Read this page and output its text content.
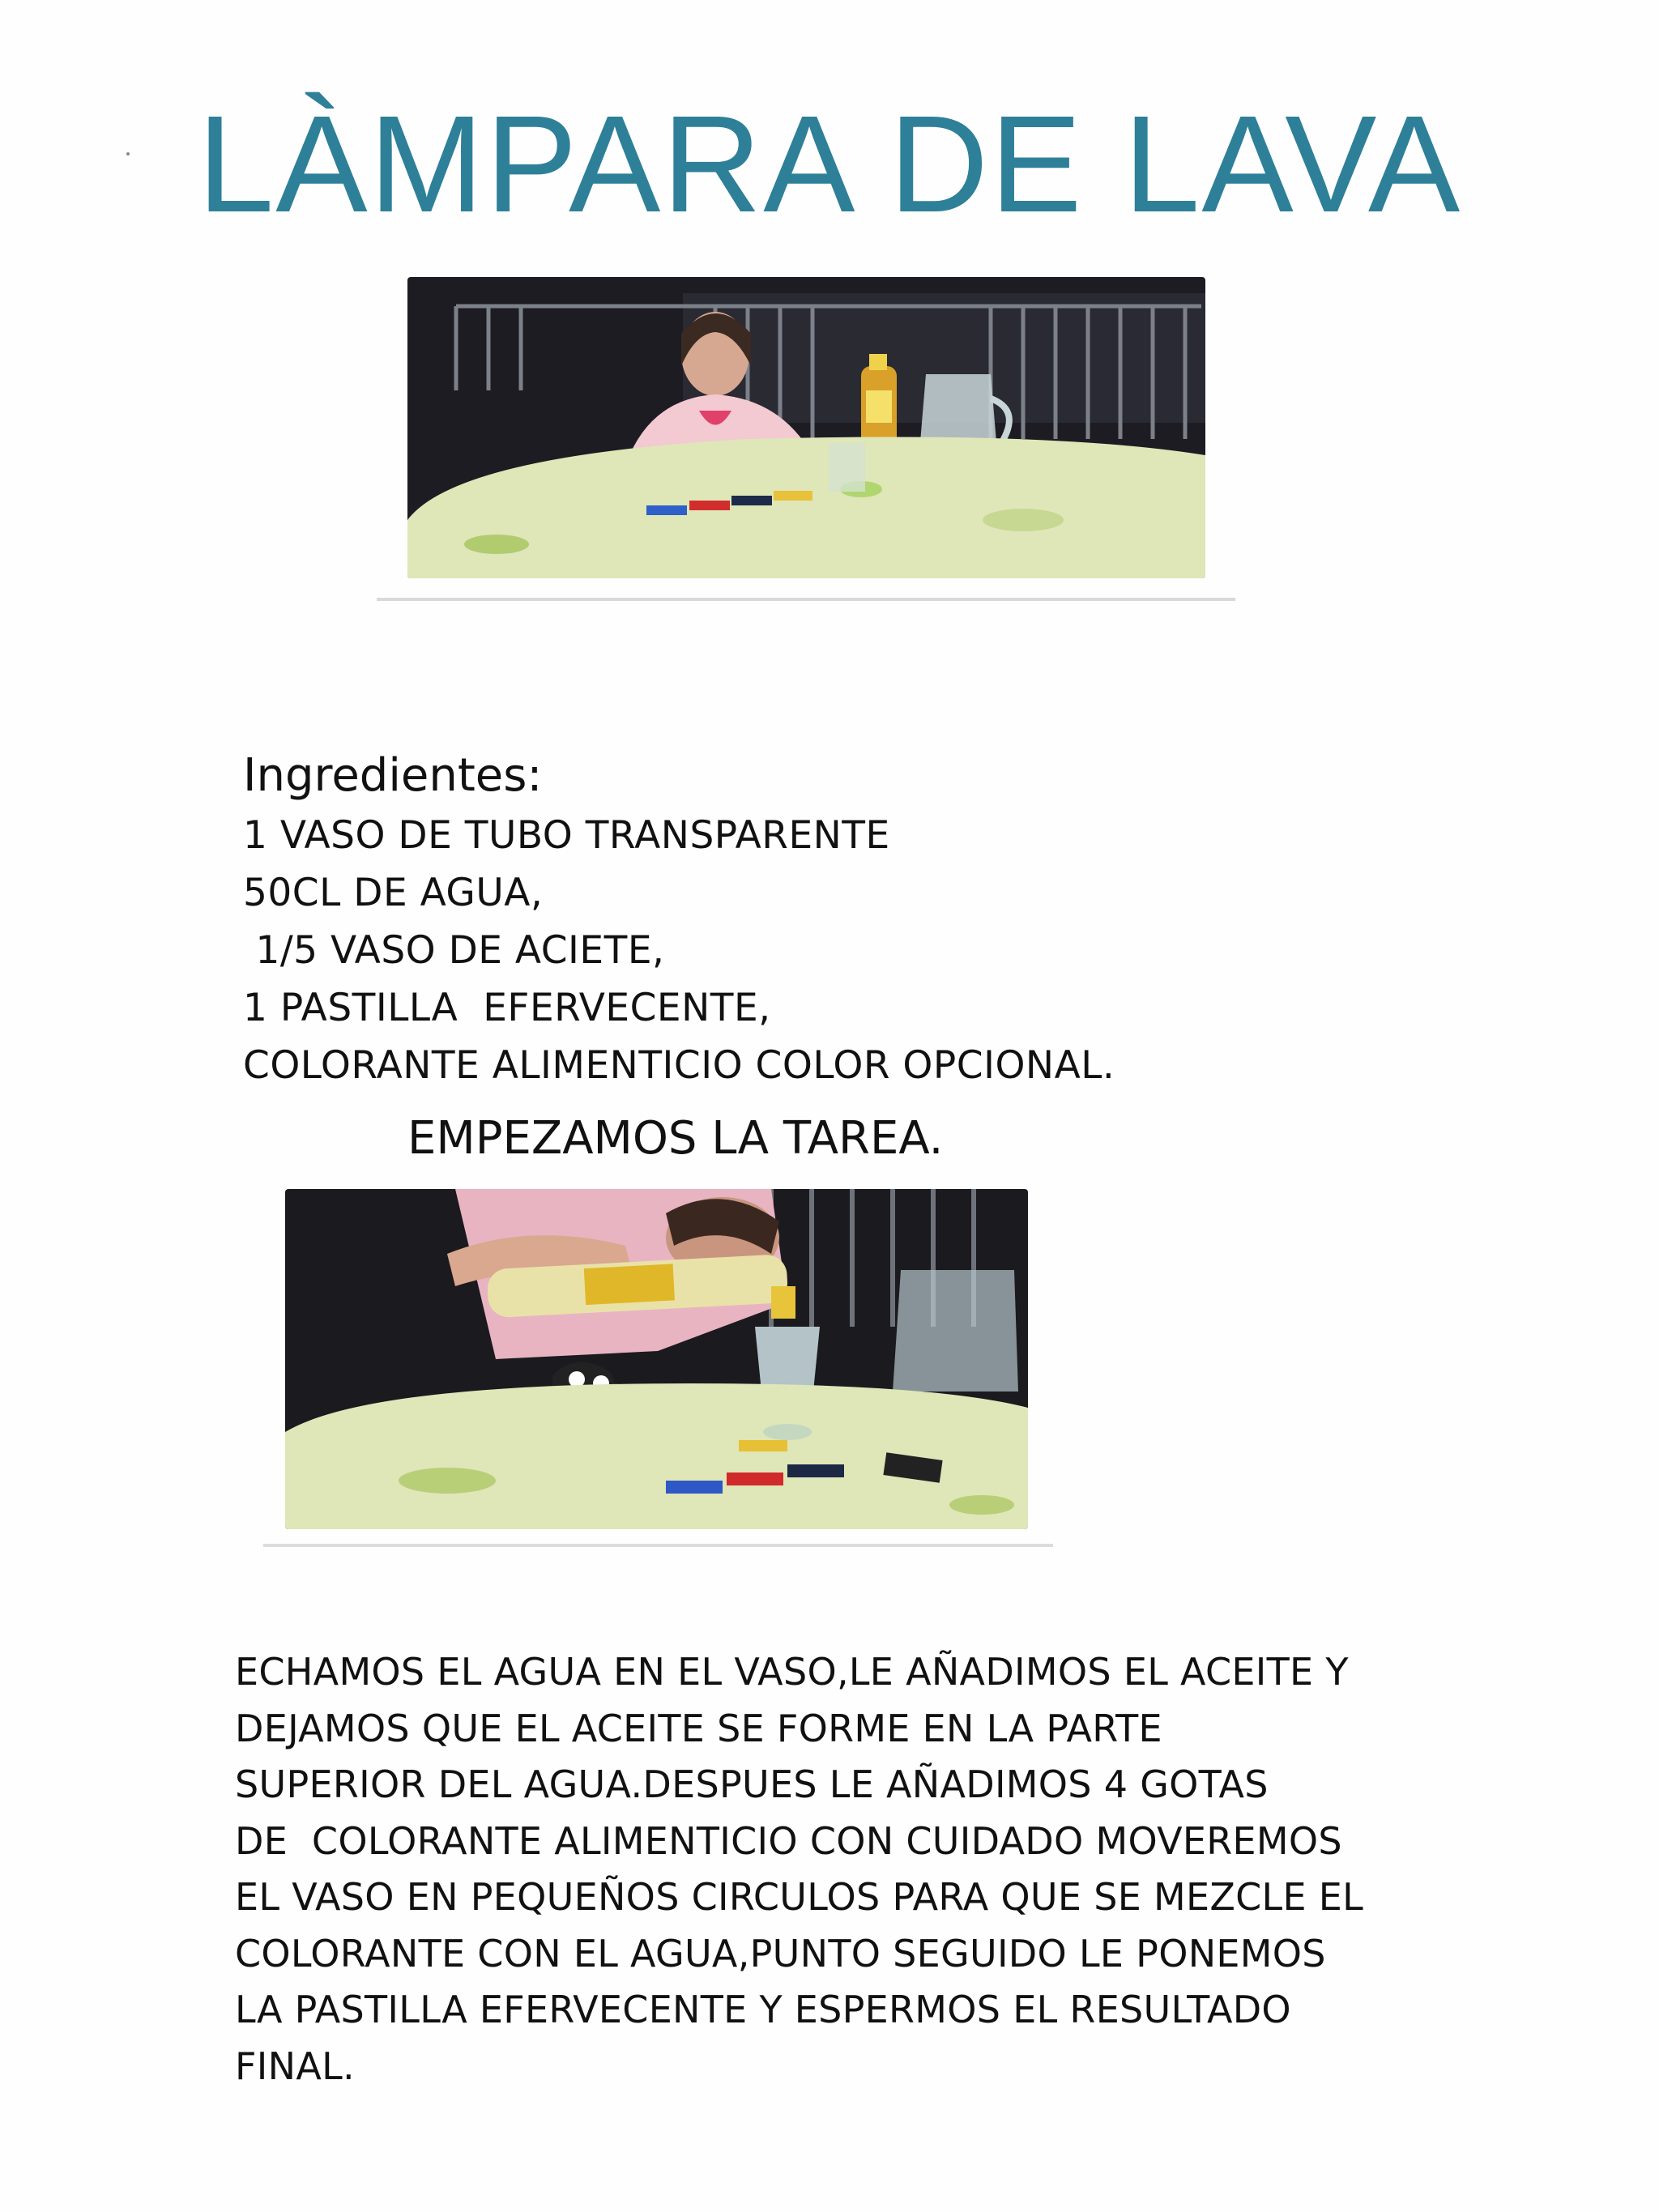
LÀMPARA DE LAVA
Ingredientes:
1 VASO DE TUBO TRANSPARENTE
50CL DE AGUA,
1/5 VASO DE ACIETE,
1 PASTILLA  EFERVECENTE,
COLORANTE ALIMENTICIO COLOR OPCIONAL.
EMPEZAMOS LA TAREA.
ECHAMOS EL AGUA EN EL VASO,LE AÑADIMOS EL ACEITE Y
DEJAMOS QUE EL ACEITE SE FORME EN LA PARTE
SUPERIOR DEL AGUA.DESPUES LE AÑADIMOS 4 GOTAS
DE  COLORANTE ALIMENTICIO CON CUIDADO MOVEREMOS
EL VASO EN PEQUEÑOS CIRCULOS PARA QUE SE MEZCLE EL
COLORANTE CON EL AGUA,PUNTO SEGUIDO LE PONEMOS
LA PASTILLA EFERVECENTE Y ESPERMOS EL RESULTADO
FINAL.
